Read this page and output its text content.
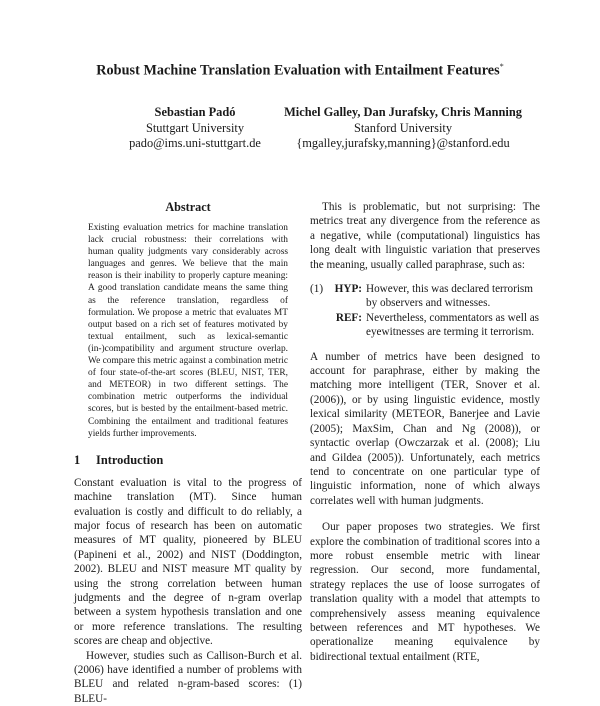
Robust Machine Translation Evaluation with Entailment Features*
Sebastian Padó
Stuttgart University
pado@ims.uni-stuttgart.de
Michel Galley, Dan Jurafsky, Chris Manning
Stanford University
{mgalley,jurafsky,manning}@stanford.edu
Abstract

Existing evaluation metrics for machine translation lack crucial robustness: their correlations with human quality judgments vary considerably across languages and genres. We believe that the main reason is their inability to properly capture meaning: A good translation candidate means the same thing as the reference translation, regardless of formulation. We propose a metric that evaluates MT output based on a rich set of features motivated by textual entailment, such as lexical-semantic (in-)compatibility and argument structure overlap. We compare this metric against a combination metric of four state-of-the-art scores (BLEU, NIST, TER, and METEOR) in two different settings. The combination metric outperforms the individual scores, but is bested by the entailment-based metric. Combining the entailment and traditional features yields further improvements.

1 Introduction

Constant evaluation is vital to the progress of machine translation (MT). Since human evaluation is costly and difficult to do reliably, a major focus of research has been on automatic measures of MT quality, pioneered by BLEU (Papineni et al., 2002) and NIST (Doddington, 2002). BLEU and NIST measure MT quality by using the strong correlation between human judgments and the degree of n-gram overlap between a system hypothesis translation and one or more reference translations. The resulting scores are cheap and objective.

However, studies such as Callison-Burch et al. (2006) have identified a number of problems with BLEU and related n-gram-based scores: (1) BLEU-

This is problematic, but not surprising: The metrics treat any divergence from the reference as a negative, while (computational) linguistics has long dealt with linguistic variation that preserves the meaning, usually called paraphrase, such as:

(1)	HYP: However, this was declared terrorism by observers and witnesses.
REF: Nevertheless, commentators as well as eyewitnesses are terming it terrorism.

A number of metrics have been designed to account for paraphrase, either by making the matching more intelligent (TER, Snover et al. (2006)), or by using linguistic evidence, mostly lexical similarity (METEOR, Banerjee and Lavie (2005); MaxSim, Chan and Ng (2008)), or syntactic overlap (Owczarzak et al. (2008); Liu and Gildea (2005)). Unfortunately, each metrics tend to concentrate on one particular type of linguistic information, none of which always correlates well with human judgments.

Our paper proposes two strategies. We first explore the combination of traditional scores into a more robust ensemble metric with linear regression. Our second, more fundamental, strategy replaces the use of loose surrogates of translation quality with a model that attempts to comprehensively assess meaning equivalence between references and MT hypotheses. We operationalize meaning equivalence by bidirectional textual entailment (RTE,
